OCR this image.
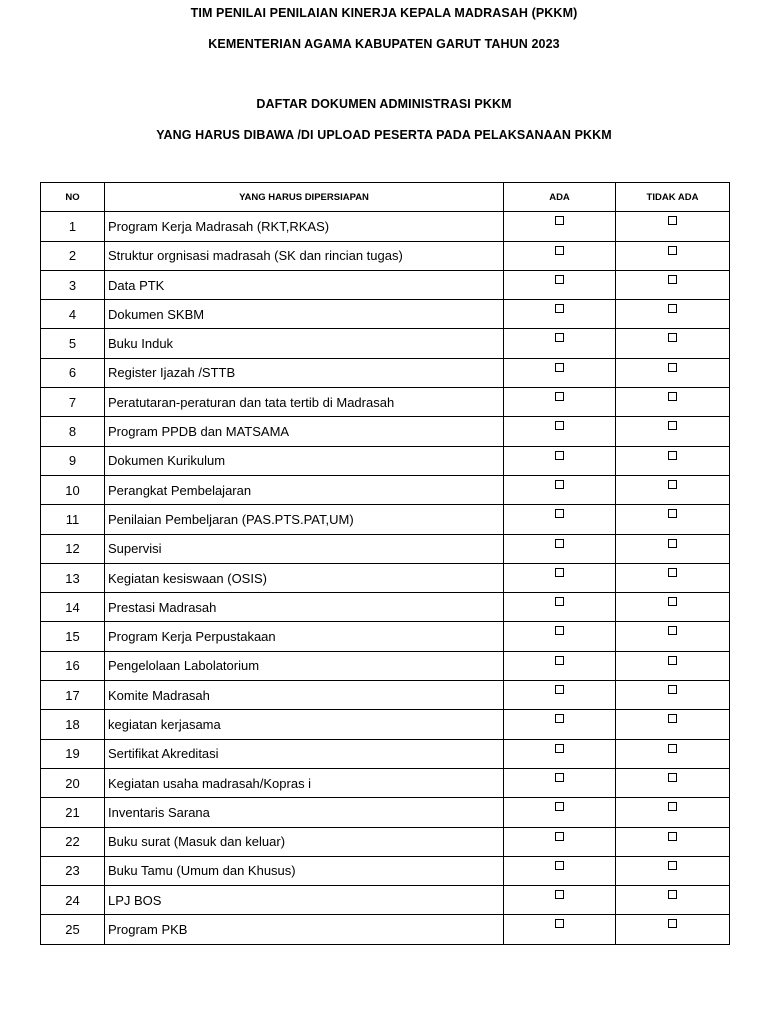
TIM PENILAI PENILAIAN KINERJA KEPALA MADRASAH (PKKM)
KEMENTERIAN AGAMA KABUPATEN GARUT TAHUN 2023
DAFTAR DOKUMEN ADMINISTRASI PKKM
YANG HARUS DIBAWA /DI UPLOAD PESERTA PADA PELAKSANAAN PKKM
NO	YANG HARUS DIPERSIAPAN	ADA	TIDAK ADA
1	Program Kerja Madrasah (RKT,RKAS)		
2	Struktur orgnisasi madrasah (SK dan rincian tugas)		
3	Data PTK		
4	Dokumen SKBM		
5	Buku Induk		
6	Register Ijazah /STTB		
7	Peratutaran-peraturan dan tata tertib di Madrasah		
8	Program PPDB dan MATSAMA		
9	Dokumen Kurikulum		
10	Perangkat Pembelajaran		
11	Penilaian Pembeljaran (PAS.PTS.PAT,UM)		
12	Supervisi		
13	Kegiatan kesiswaan (OSIS)		
14	Prestasi Madrasah		
15	Program Kerja Perpustakaan		
16	Pengelolaan Labolatorium		
17	Komite Madrasah		
18	kegiatan kerjasama		
19	Sertifikat Akreditasi		
20	Kegiatan usaha madrasah/Kopras i		
21	Inventaris Sarana		
22	Buku surat (Masuk dan keluar)		
23	Buku Tamu (Umum dan Khusus)		
24	LPJ BOS		
25	Program PKB		
